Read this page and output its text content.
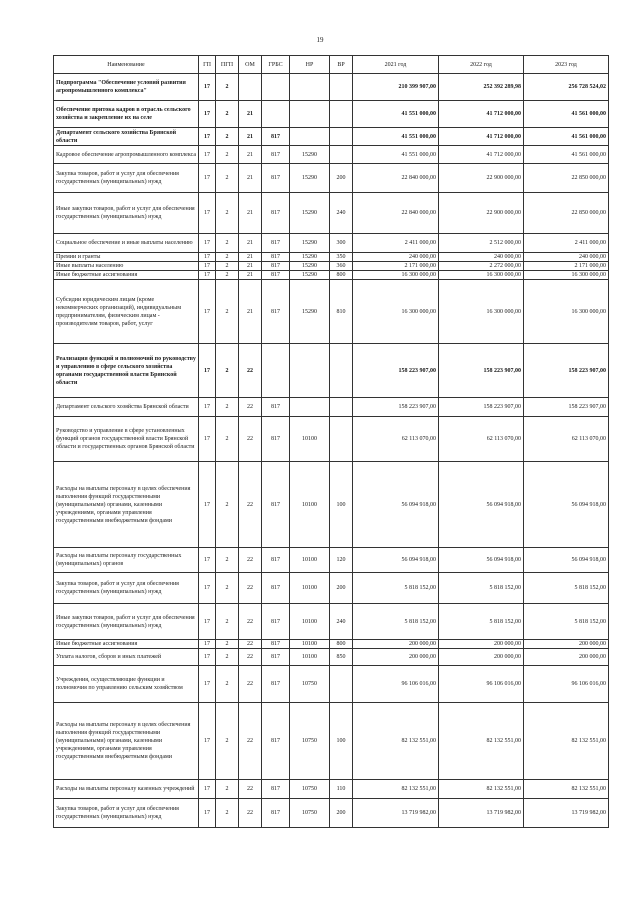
19
Наименование	ГП	ПГП	ОМ	ГРБС	НР	ВР	2021 год	2022 год	2023 год
Подпрограмма "Обеспечение условий развития агропромышленного комплекса"	17	2					210 399 907,00	252 392 289,98	256 728 524,02
Обеспечение притока кадров в отрасль сельского хозяйства и закрепление их на селе	17	2	21				41 551 000,00	41 712 000,00	41 561 000,00
Департамент сельского хозяйства Брянской области	17	2	21	817			41 551 000,00	41 712 000,00	41 561 000,00
Кадровое обеспечение агропромышленного комплекса	17	2	21	817	15290		41 551 000,00	41 712 000,00	41 561 000,00
Закупка товаров, работ и услуг для обеспечения государственных (муниципальных) нужд	17	2	21	817	15290	200	22 840 000,00	22 900 000,00	22 850 000,00
Иные закупки товаров, работ и услуг для обеспечения государственных (муниципальных) нужд	17	2	21	817	15290	240	22 840 000,00	22 900 000,00	22 850 000,00
Социальное обеспечение и иные выплаты населению	17	2	21	817	15290	300	2 411 000,00	2 512 000,00	2 411 000,00
Премии и гранты	17	2	21	817	15290	350	240 000,00	240 000,00	240 000,00
Иные выплаты населению	17	2	21	817	15290	360	2 171 000,00	2 272 000,00	2 171 000,00
Иные бюджетные ассигнования	17	2	21	817	15290	800	16 300 000,00	16 300 000,00	16 300 000,00
Субсидии юридическим лицам (кроме некоммерческих организаций), индивидуальным предпринимателям, физическим лицам - производителям товаров, работ, услуг	17	2	21	817	15290	810	16 300 000,00	16 300 000,00	16 300 000,00
Реализация функций и полномочий по руководству и управлению в сфере сельского хозяйства органами государственной власти Брянской области	17	2	22				158 223 907,00	158 223 907,00	158 223 907,00
Департамент сельского хозяйства Брянской области	17	2	22	817			158 223 907,00	158 223 907,00	158 223 907,00
Руководство и управление в сфере установленных функций органов государственной власти Брянской области и государственных органов Брянской области	17	2	22	817	10100		62 113 070,00	62 113 070,00	62 113 070,00
Расходы на выплаты персоналу в целях обеспечения выполнения функций государственными (муниципальными) органами, казенными учреждениями, органами управления государственными внебюджетными фондами	17	2	22	817	10100	100	56 094 918,00	56 094 918,00	56 094 918,00
Расходы на выплаты персоналу государственных (муниципальных) органов	17	2	22	817	10100	120	56 094 918,00	56 094 918,00	56 094 918,00
Закупка товаров, работ и услуг для обеспечения государственных (муниципальных) нужд	17	2	22	817	10100	200	5 818 152,00	5 818 152,00	5 818 152,00
Иные закупки товаров, работ и услуг для обеспечения государственных (муниципальных) нужд	17	2	22	817	10100	240	5 818 152,00	5 818 152,00	5 818 152,00
Иные бюджетные ассигнования	17	2	22	817	10100	800	200 000,00	200 000,00	200 000,00
Уплата налогов, сборов и иных платежей	17	2	22	817	10100	850	200 000,00	200 000,00	200 000,00
Учреждения, осуществляющие функции и полномочия по управлению сельским хозяйством	17	2	22	817	10750		96 106 016,00	96 106 016,00	96 106 016,00
Расходы на выплаты персоналу в целях обеспечения выполнения функций государственными (муниципальными) органами, казенными учреждениями, органами управления государственными внебюджетными фондами	17	2	22	817	10750	100	82 132 551,00	82 132 551,00	82 132 551,00
Расходы на выплаты персоналу казенных учреждений	17	2	22	817	10750	110	82 132 551,00	82 132 551,00	82 132 551,00
Закупка товаров, работ и услуг для обеспечения государственных (муниципальных) нужд	17	2	22	817	10750	200	13 719 982,00	13 719 982,00	13 719 982,00
